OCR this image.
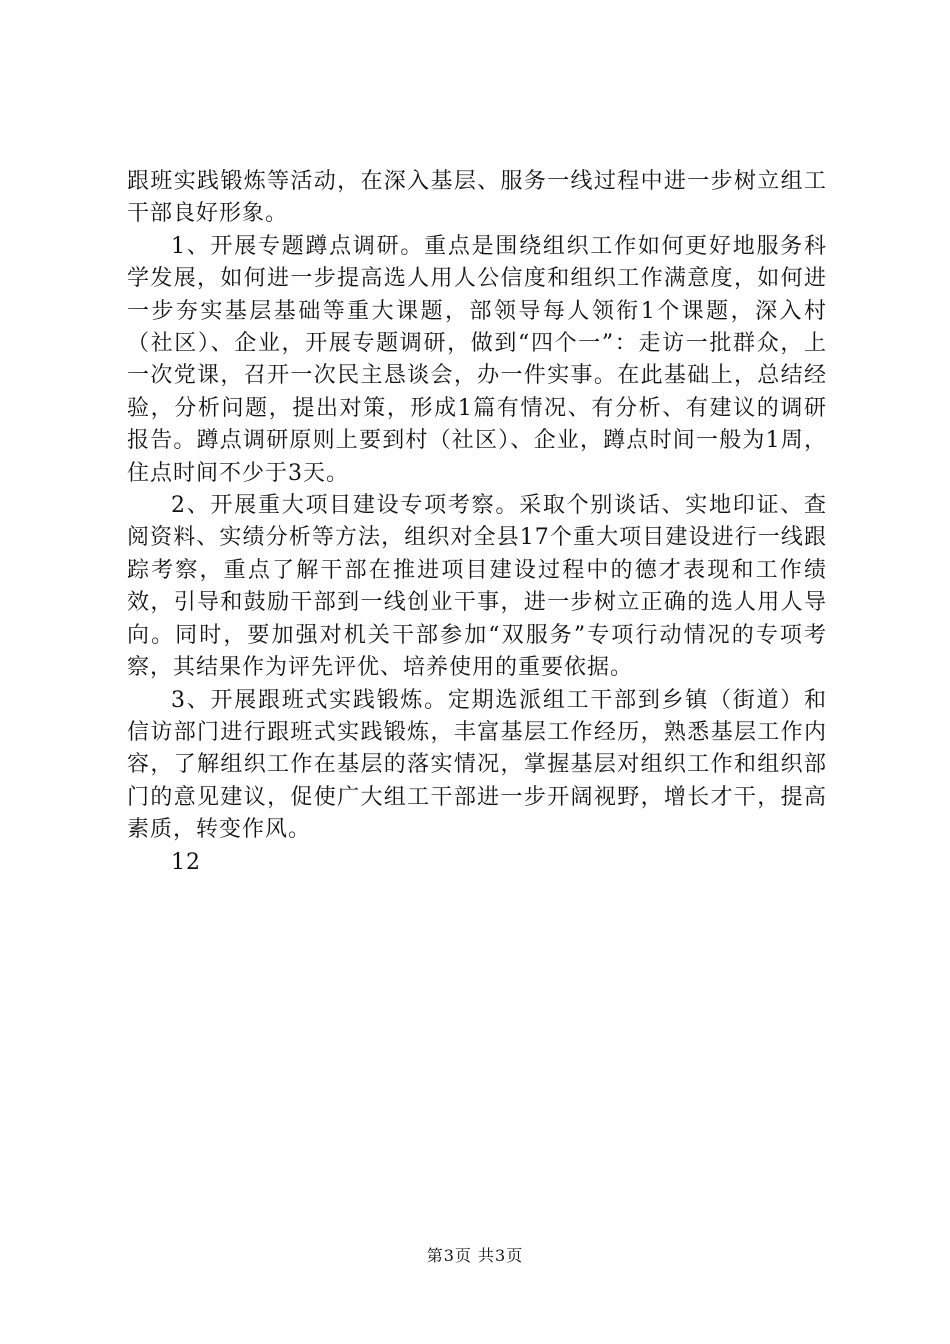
跟班实践锻炼等活动，在深入基层、服务一线过程中进一步树立组工干部良好形象。

1、开展专题蹲点调研。重点是围绕组织工作如何更好地服务科学发展，如何进一步提高选人用人公信度和组织工作满意度，如何进一步夯实基层基础等重大课题，部领导每人领衔1个课题，深入村（社区）、企业，开展专题调研，做到“四个一”：走访一批群众，上一次党课，召开一次民主恳谈会，办一件实事。在此基础上，总结经验，分析问题，提出对策，形成1篇有情况、有分析、有建议的调研报告。蹲点调研原则上要到村（社区）、企业，蹲点时间一般为1周，住点时间不少于3天。

2、开展重大项目建设专项考察。采取个别谈话、实地印证、查阅资料、实绩分析等方法，组织对全县17个重大项目建设进行一线跟踪考察，重点了解干部在推进项目建设过程中的德才表现和工作绩效，引导和鼓励干部到一线创业干事，进一步树立正确的选人用人导向。同时，要加强对机关干部参加“双服务”专项行动情况的专项考察，其结果作为评先评优、培养使用的重要依据。

3、开展跟班式实践锻炼。定期选派组工干部到乡镇（街道）和信访部门进行跟班式实践锻炼，丰富基层工作经历，熟悉基层工作内容，了解组织工作在基层的落实情况，掌握基层对组织工作和组织部门的意见建议，促使广大组工干部进一步开阔视野，增长才干，提高素质，转变作风。

12

第3页 共3页
